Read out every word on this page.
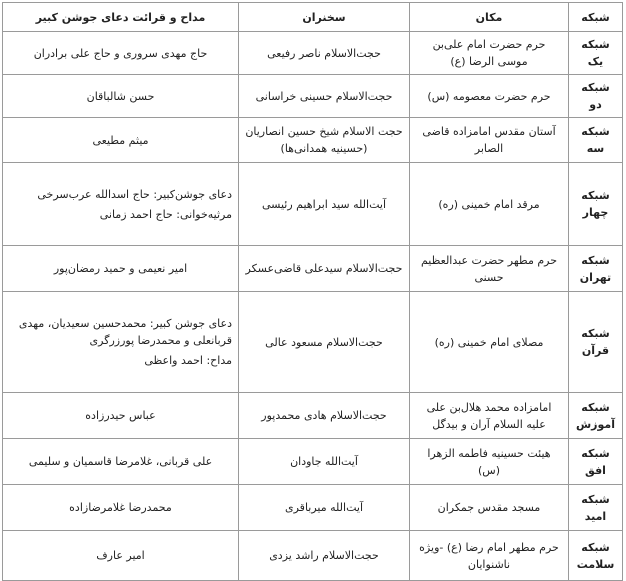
شبکه	مکان	سخنران	مداح و قرائت دعای جوشن کبیر
شبکه یک	حرم حضرت امام علی‌بن موسی الرضا (ع)	حجت‌الاسلام ناصر رفیعی	حاج مهدی سروری و حاج علی برادران
شبکه دو	حرم حضرت معصومه (س)	حجت‌الاسلام حسینی خراسانی	حسن شالباقان
شبکه سه	آستان مقدس امامزاده قاضی الصابر	حجت الاسلام شیخ حسین انصاریان (حسینیه همدانی‌ها)	میثم مطیعی
شبکه چهار	مرقد امام خمینی (ره)	آیت‌الله سید ابراهیم رئیسی	دعای جوشن‌کبیر: حاج اسدالله عرب‌سرخی
مرثیه‌خوانی: حاج احمد زمانی

شبکه تهران	حرم مطهر حضرت عبدالعظیم حسنی	حجت‌الاسلام سیدعلی قاضی‌عسکر	امیر نعیمی و حمید رمضان‌پور
شبکه قرآن	مصلای امام خمینی (ره)	حجت‌الاسلام مسعود عالی	دعای جوشن کبیر: محمدحسین سعیدیان، مهدی قربانعلی و محمدرضا پورزرگری
مداح: احمد واعظی

شبکه آموزش	امامزاده محمد هلال‌بن علی علیه السلام آران و بیدگل	حجت‌الاسلام هادی محمدپور	عباس حیدرزاده
شبکه افق	هیئت حسینیه فاطمه الزهرا (س)	آیت‌الله جاودان	علی قربانی، غلامرضا قاسمیان و سلیمی
شبکه امید	مسجد مقدس جمکران	آیت‌الله میرباقری	محمدرضا غلامرضازاده
شبکه سلامت	حرم مطهر امام رضا (ع) -ویژه ناشنوایان	حجت‌الاسلام راشد یزدی	امیر عارف
